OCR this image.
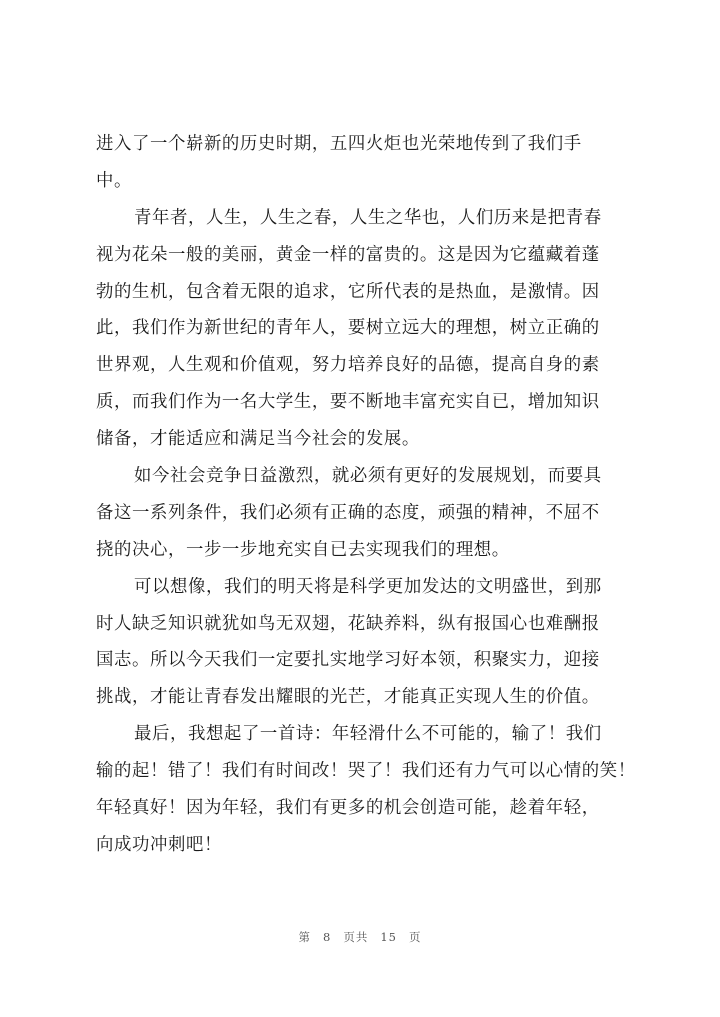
进入了一个崭新的历史时期，五四火炬也光荣地传到了我们手
中。
青年者，人生，人生之春，人生之华也，人们历来是把青春
视为花朵一般的美丽，黄金一样的富贵的。这是因为它蕴藏着蓬
勃的生机，包含着无限的追求，它所代表的是热血，是激情。因
此，我们作为新世纪的青年人，要树立远大的理想，树立正确的
世界观，人生观和价值观，努力培养良好的品德，提高自身的素
质，而我们作为一名大学生，要不断地丰富充实自已，增加知识
储备，才能适应和满足当今社会的发展。
如今社会竞争日益激烈，就必须有更好的发展规划，而要具
备这一系列条件，我们必须有正确的态度，顽强的精神，不屈不
挠的决心，一步一步地充实自已去实现我们的理想。
可以想像，我们的明天将是科学更加发达的文明盛世，到那
时人缺乏知识就犹如鸟无双翅，花缺养料，纵有报国心也难酬报
国志。所以今天我们一定要扎实地学习好本领，积聚实力，迎接
挑战，才能让青春发出耀眼的光芒，才能真正实现人生的价值。
最后，我想起了一首诗：年轻滑什么不可能的，输了！我们
输的起！错了！我们有时间改！哭了！我们还有力气可以心情的笑！
年轻真好！因为年轻，我们有更多的机会创造可能，趁着年轻，
向成功冲刺吧！
第 8 页共 15 页
